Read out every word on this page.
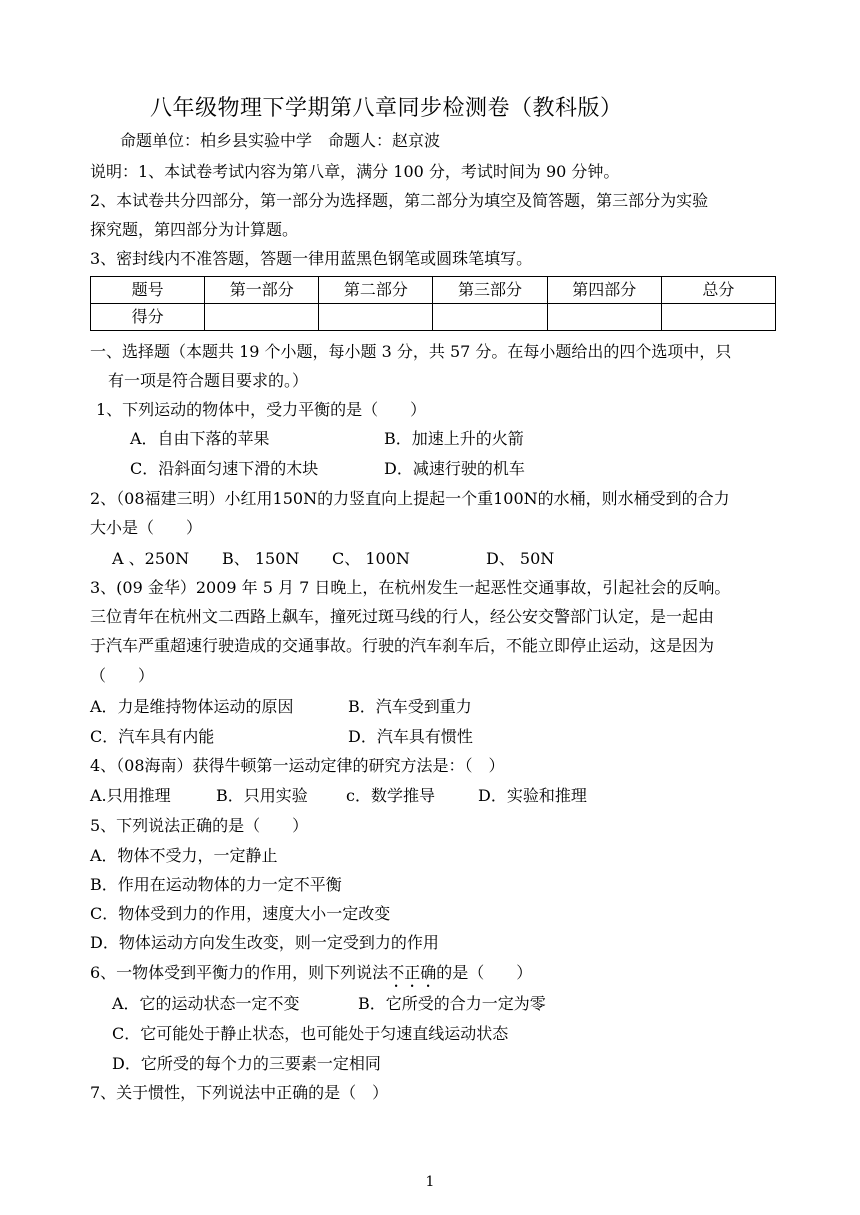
八年级物理下学期第八章同步检测卷（教科版）
命题单位：柏乡县实验中学　命题人：赵京波
说明：1、本试卷考试内容为第八章，满分 100 分，考试时间为 90 分钟。
2、本试卷共分四部分，第一部分为选择题，第二部分为填空及简答题，第三部分为实验
探究题，第四部分为计算题。
3、密封线内不准答题，答题一律用蓝黑色钢笔或圆珠笔填写。
题号	第一部分	第二部分	第三部分	第四部分	总分
得分					
一、选择题（本题共 19 个小题，每小题 3 分，共 57 分。在每小题给出的四个选项中，只
有一项是符合题目要求的。）
1、下列运动的物体中，受力平衡的是（　　）
A．自由下落的苹果	B．加速上升的火箭
C．沿斜面匀速下滑的木块	D．减速行驶的机车
2、（08福建三明）小红用150N的力竖直向上提起一个重100N的水桶，则水桶受到的合力
大小是（　　）
A 、250N B、 150N C、 100N	D、 50N
3、(09 金华）2009 年 5 月 7 日晚上，在杭州发生一起恶性交通事故，引起社会的反响。
三位青年在杭州文二西路上飙车，撞死过斑马线的行人，经公安交警部门认定，是一起由
于汽车严重超速行驶造成的交通事故。行驶的汽车刹车后，不能立即停止运动，这是因为
（　　）
A．力是维持物体运动的原因	B．汽车受到重力
C．汽车具有内能	D．汽车具有惯性
4、（08海南）获得牛顿第一运动定律的研究方法是：（　）
A.只用推理	B．只用实验 c．数学推导	D．实验和推理
5、下列说法正确的是（　　）
A．物体不受力，一定静止
B．作用在运动物体的力一定不平衡
C．物体受到力的作用，速度大小一定改变
D．物体运动方向发生改变，则一定受到力的作用
6、一物体受到平衡力的作用，则下列说法不正确的是（　　）
A．它的运动状态一定不变	B．它所受的合力一定为零
C．它可能处于静止状态，也可能处于匀速直线运动状态
D．它所受的每个力的三要素一定相同
7、关于惯性，下列说法中正确的是（　）
1
